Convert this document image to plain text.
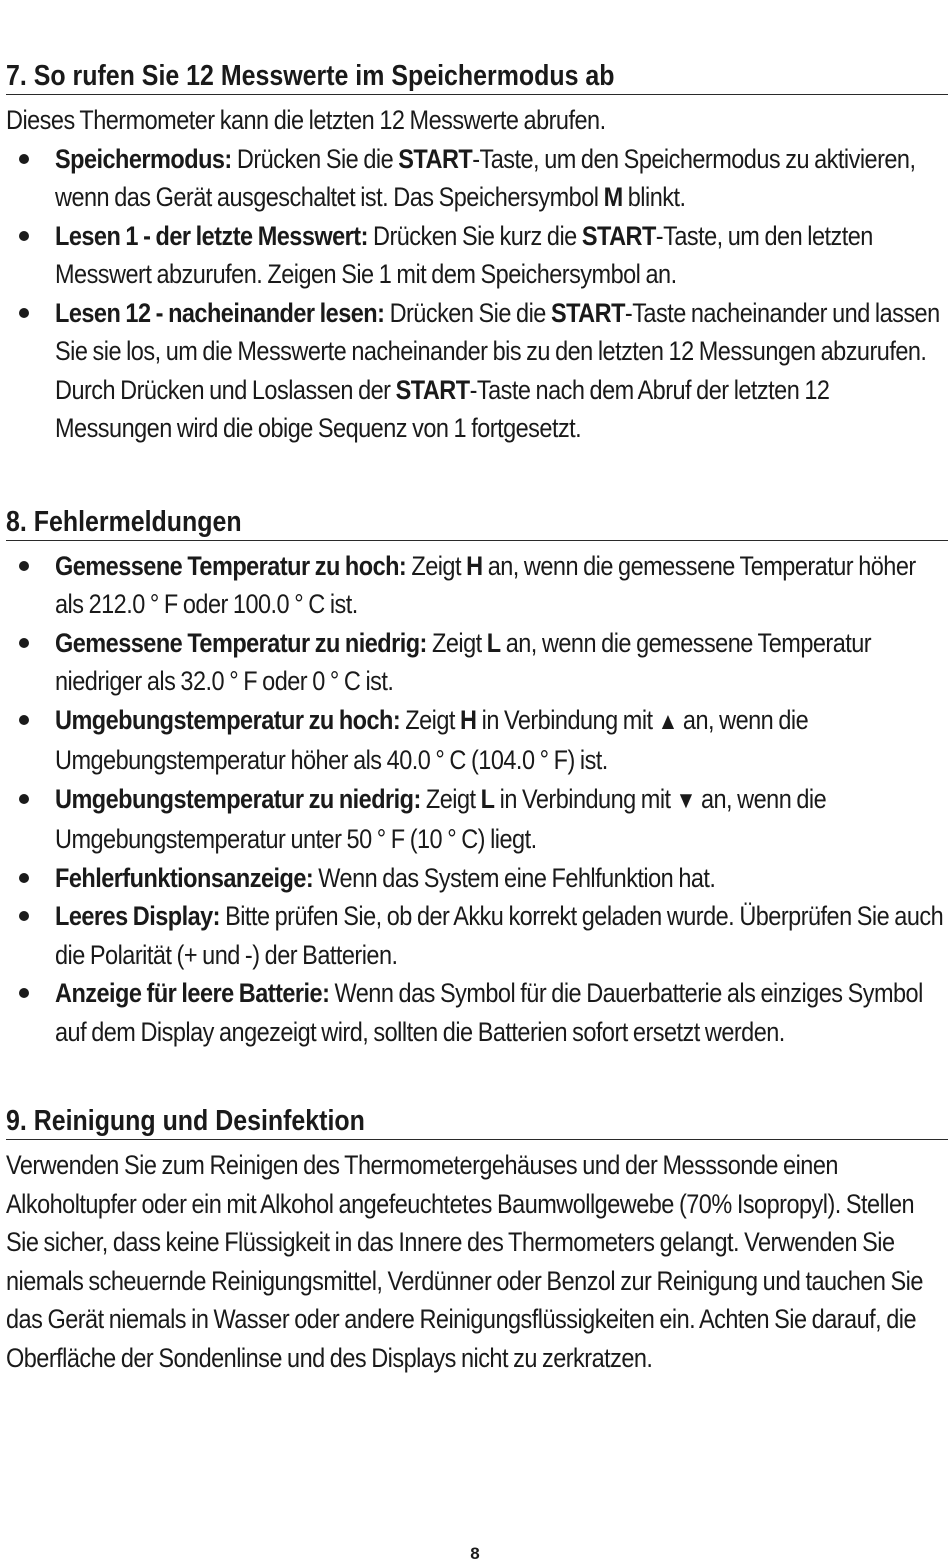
7. So rufen Sie 12 Messwerte im Speichermodus ab

Dieses Thermometer kann die letzten 12 Messwerte abrufen.

Speichermodus: Drücken Sie die START-Taste, um den Speichermodus zu aktivieren, wenn das Gerät ausgeschaltet ist. Das Speichersymbol M blinkt.
Lesen 1 - der letzte Messwert: Drücken Sie kurz die START-Taste, um den letzten Messwert abzurufen. Zeigen Sie 1 mit dem Speichersymbol an.
Lesen 12 - nacheinander lesen: Drücken Sie die START-Taste nacheinander und lassen Sie sie los, um die Messwerte nacheinander bis zu den letzten 12 Messungen abzurufen. Durch Drücken und Loslassen der START-Taste nach dem Abruf der letzten 12 Messungen wird die obige Sequenz von 1 fortgesetzt.
8. Fehlermeldungen
Gemessene Temperatur zu hoch: Zeigt H an, wenn die gemessene Temperatur höher als 212.0 ° F oder 100.0 ° C ist.
Gemessene Temperatur zu niedrig: Zeigt L an, wenn die gemessene Temperatur niedriger als 32.0 ° F oder 0 ° C ist.
Umgebungstemperatur zu hoch: Zeigt H in Verbindung mit ▲ an, wenn die Umgebungstemperatur höher als 40.0 ° C (104.0 ° F) ist.
Umgebungstemperatur zu niedrig: Zeigt L in Verbindung mit ▼ an, wenn die Umgebungstemperatur unter 50 ° F (10 ° C) liegt.
Fehlerfunktionsanzeige: Wenn das System eine Fehlfunktion hat.
Leeres Display: Bitte prüfen Sie, ob der Akku korrekt geladen wurde. Überprüfen Sie auch die Polarität (+ und -) der Batterien.
Anzeige für leere Batterie: Wenn das Symbol für die Dauerbatterie als einziges Symbol auf dem Display angezeigt wird, sollten die Batterien sofort ersetzt werden.
9. Reinigung und Desinfektion

Verwenden Sie zum Reinigen des Thermometergehäuses und der Messsonde einen Alkoholtupfer oder ein mit Alkohol angefeuchtetes Baumwollgewebe (70% Isopropyl). Stellen Sie sicher, dass keine Flüssigkeit in das Innere des Thermometers gelangt. Verwenden Sie niemals scheuernde Reinigungsmittel, Verdünner oder Benzol zur Reinigung und tauchen Sie das Gerät niemals in Wasser oder andere Reinigungsflüssigkeiten ein. Achten Sie darauf, die Oberfläche der Sondenlinse und des Displays nicht zu zerkratzen.

8
